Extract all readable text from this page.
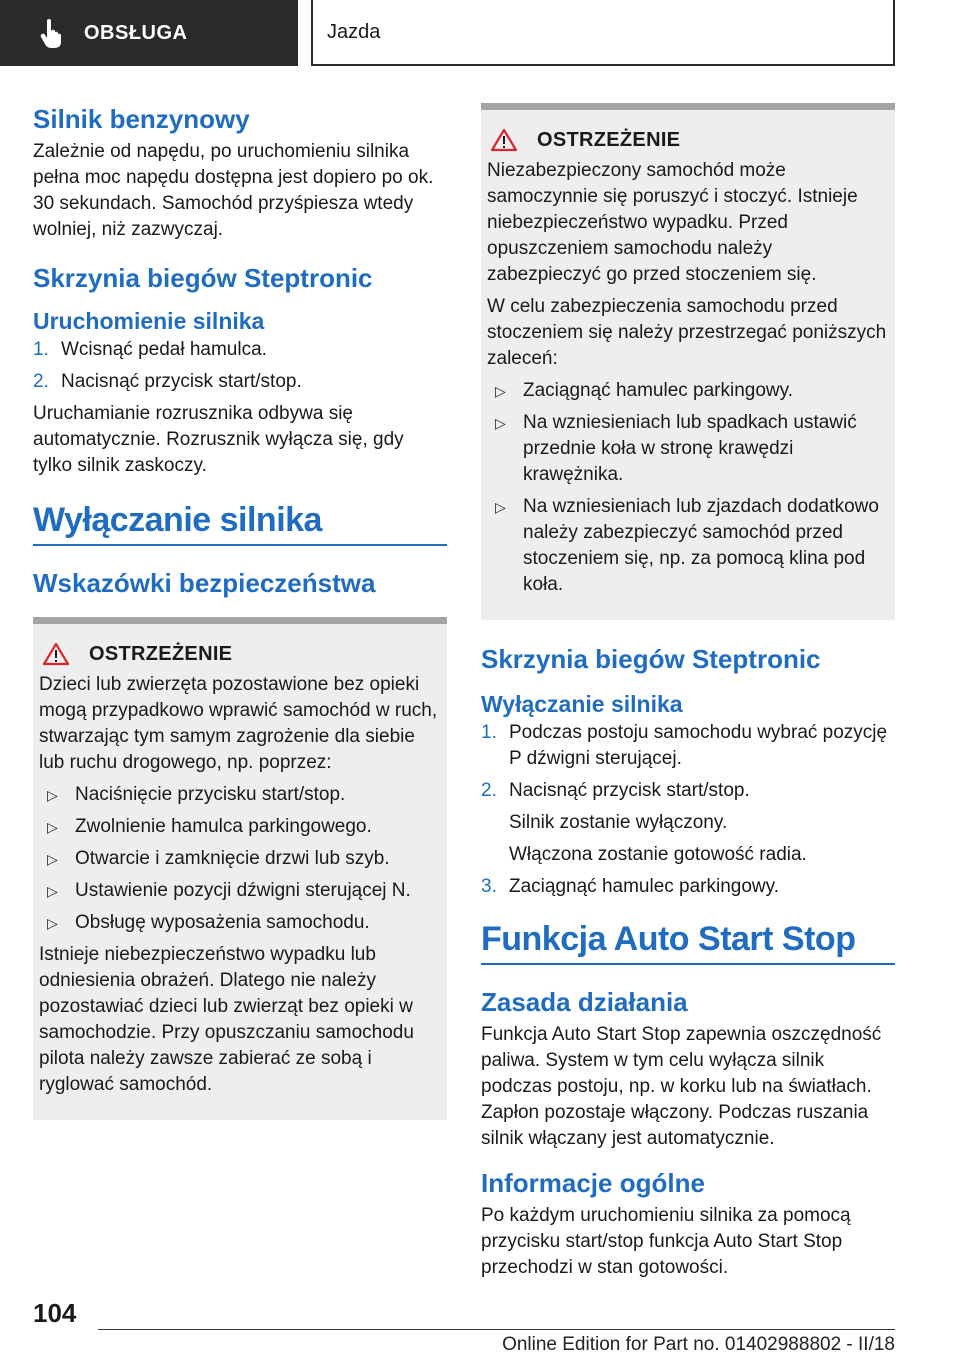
OBSŁUGA	Jazda
Silnik benzynowy

Zależnie od napędu, po uruchomieniu silnika pełna moc napędu dostępna jest dopiero po ok. 30 sekundach. Samochód przyśpiesza wtedy wolniej, niż zazwyczaj.

Skrzynia biegów Steptronic
Uruchomienie silnika
1. Wcisnąć pedał hamulca.
2. Nacisnąć przycisk start/stop.

Uruchamianie rozrusznika odbywa się automatycznie. Rozrusznik wyłącza się, gdy tylko silnik zaskoczy.

Wyłączanie silnika
Wskazówki bezpieczeństwa
OSTRZEŻENIE

Dzieci lub zwierzęta pozostawione bez opieki mogą przypadkowo wprawić samochód w ruch, stwarzając tym samym zagrożenie dla siebie lub ruchu drogowego, np. poprzez:

▷ Naciśnięcie przycisku start/stop.
▷ Zwolnienie hamulca parkingowego.
▷ Otwarcie i zamknięcie drzwi lub szyb.
▷ Ustawienie pozycji dźwigni sterującej N.
▷ Obsługę wyposażenia samochodu.

Istnieje niebezpieczeństwo wypadku lub odniesienia obrażeń. Dlatego nie należy pozostawiać dzieci lub zwierząt bez opieki w samochodzie. Przy opuszczaniu samochodu pilota należy zawsze zabierać ze sobą i ryglować samochód.

OSTRZEŻENIE

Niezabezpieczony samochód może samoczynnie się poruszyć i stoczyć. Istnieje niebezpieczeństwo wypadku. Przed opuszczeniem samochodu należy zabezpieczyć go przed stoczeniem się.

W celu zabezpieczenia samochodu przed stoczeniem się należy przestrzegać poniższych zaleceń:

▷ Zaciągnąć hamulec parkingowy.
▷ Na wzniesieniach lub spadkach ustawić przednie koła w stronę krawędzi krawężnika.
▷ Na wzniesieniach lub zjazdach dodatkowo należy zabezpieczyć samochód przed stoczeniem się, np. za pomocą klina pod koła.
Skrzynia biegów Steptronic
Wyłączanie silnika
1. Podczas postoju samochodu wybrać pozycję P dźwigni sterującej.
2. Nacisnąć przycisk start/stop.
Silnik zostanie wyłączony.
Włączona zostanie gotowość radia.
3. Zaciągnąć hamulec parkingowy.
Funkcja Auto Start Stop
Zasada działania

Funkcja Auto Start Stop zapewnia oszczędność paliwa. System w tym celu wyłącza silnik podczas postoju, np. w korku lub na światłach. Zapłon pozostaje włączony. Podczas ruszania silnik włączany jest automatycznie.

Informacje ogólne

Po każdym uruchomieniu silnika za pomocą przycisku start/stop funkcja Auto Start Stop przechodzi w stan gotowości.

104
Online Edition for Part no. 01402988802 - II/18
